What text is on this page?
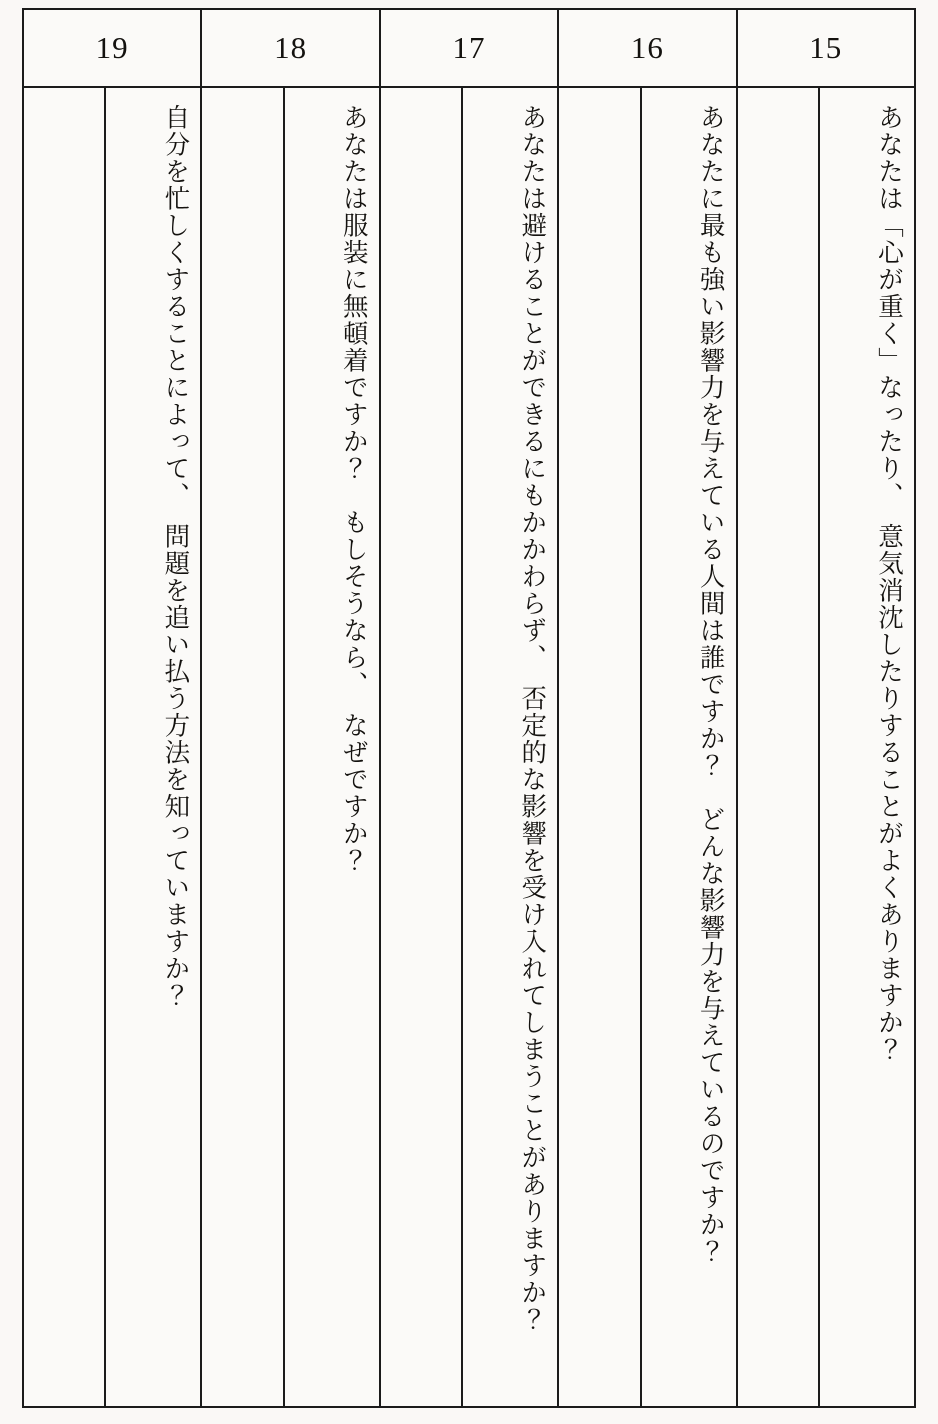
15
あなたは「心が重く」なったり、　意気消沈したりすることがよくありますか？
16
あなたに最も強い影響力を与えている人間は誰ですか？　どんな影響力を与えているのですか？
17
あなたは避けることができるにもかかわらず、　否定的な影響を受け入れてしまうことがありますか？
18
あなたは服装に無頓着ですか？　もしそうなら、　なぜですか？
19
自分を忙しくすることによって、　問題を追い払う方法を知っていますか？
